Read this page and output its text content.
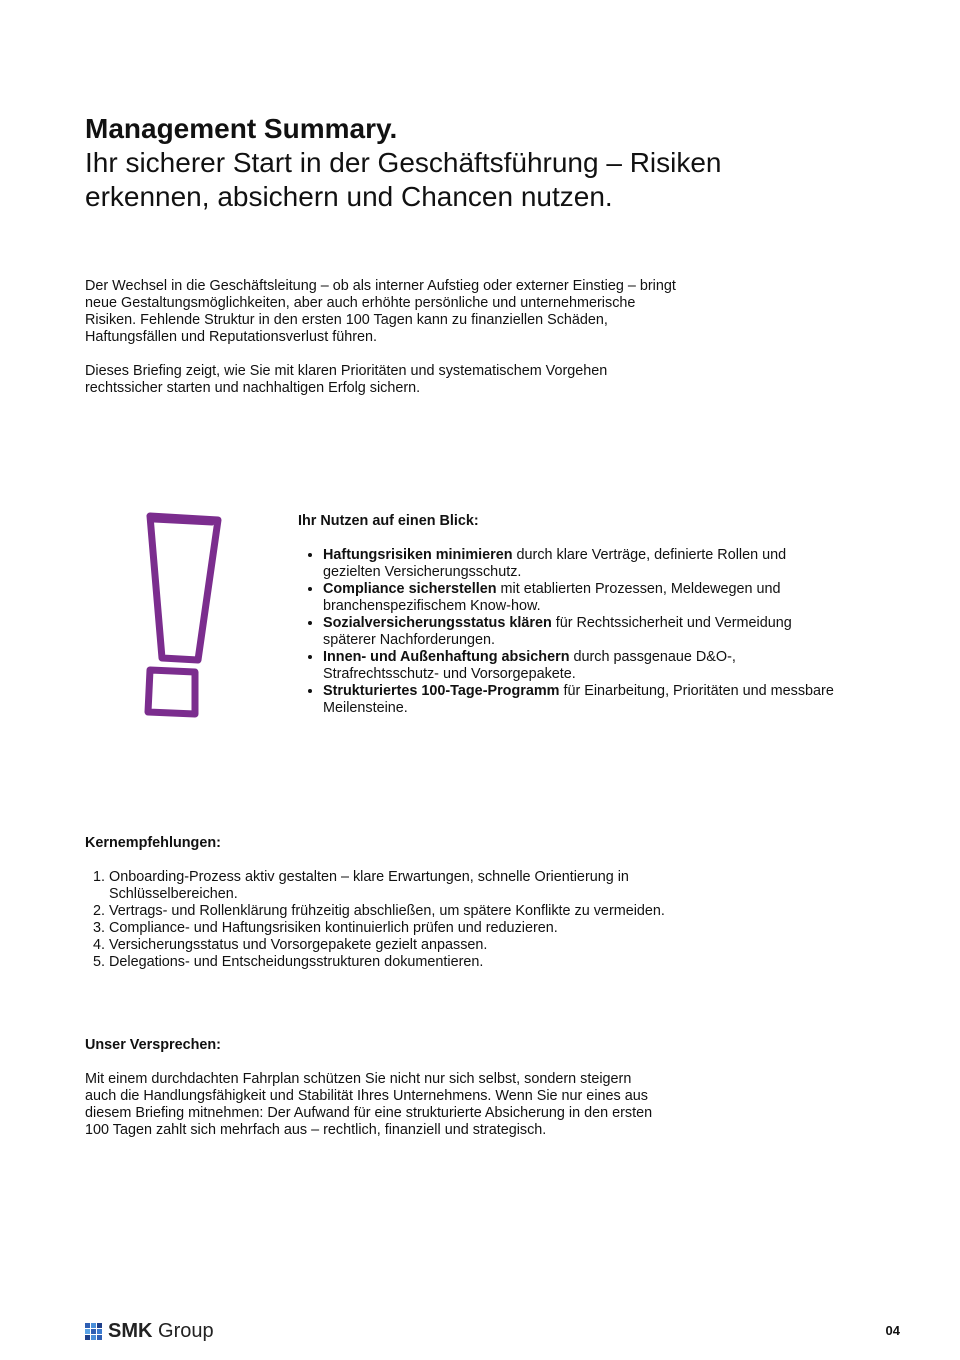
Management Summary.
Ihr sicherer Start in der Geschäftsführung – Risiken erkennen, absichern und Chancen nutzen.

Der Wechsel in die Geschäftsleitung – ob als interner Aufstieg oder externer Einstieg – bringt neue Gestaltungsmöglichkeiten, aber auch erhöhte persönliche und unternehmerische Risiken. Fehlende Struktur in den ersten 100 Tagen kann zu finanziellen Schäden, Haftungsfällen und Reputationsverlust führen.

Dieses Briefing zeigt, wie Sie mit klaren Prioritäten und systematischem Vorgehen rechtssicher starten und nachhaltigen Erfolg sichern.

Ihr Nutzen auf einen Blick:
• Haftungsrisiken minimieren durch klare Verträge, definierte Rollen und gezielten Versicherungsschutz.
• Compliance sicherstellen mit etablierten Prozessen, Meldewegen und branchenspezifischem Know-how.
• Sozialversicherungsstatus klären für Rechtssicherheit und Vermeidung späterer Nachforderungen.
• Innen- und Außenhaftung absichern durch passgenaue D&O-, Strafrechtsschutz- und Vorsorgepakete.
• Strukturiertes 100-Tage-Programm für Einarbeitung, Prioritäten und messbare Meilensteine.
Kernempfehlungen:
1. Onboarding-Prozess aktiv gestalten – klare Erwartungen, schnelle Orientierung in Schlüsselbereichen.
2. Vertrags- und Rollenklärung frühzeitig abschließen, um spätere Konflikte zu vermeiden.
3. Compliance- und Haftungsrisiken kontinuierlich prüfen und reduzieren.
4. Versicherungsstatus und Vorsorgepakete gezielt anpassen.
5. Delegations- und Entscheidungsstrukturen dokumentieren.
Unser Versprechen:

Mit einem durchdachten Fahrplan schützen Sie nicht nur sich selbst, sondern steigern auch die Handlungsfähigkeit und Stabilität Ihres Unternehmens. Wenn Sie nur eines aus diesem Briefing mitnehmen: Der Aufwand für eine strukturierte Absicherung in den ersten 100 Tagen zahlt sich mehrfach aus – rechtlich, finanziell und strategisch.

SMK Group	04
